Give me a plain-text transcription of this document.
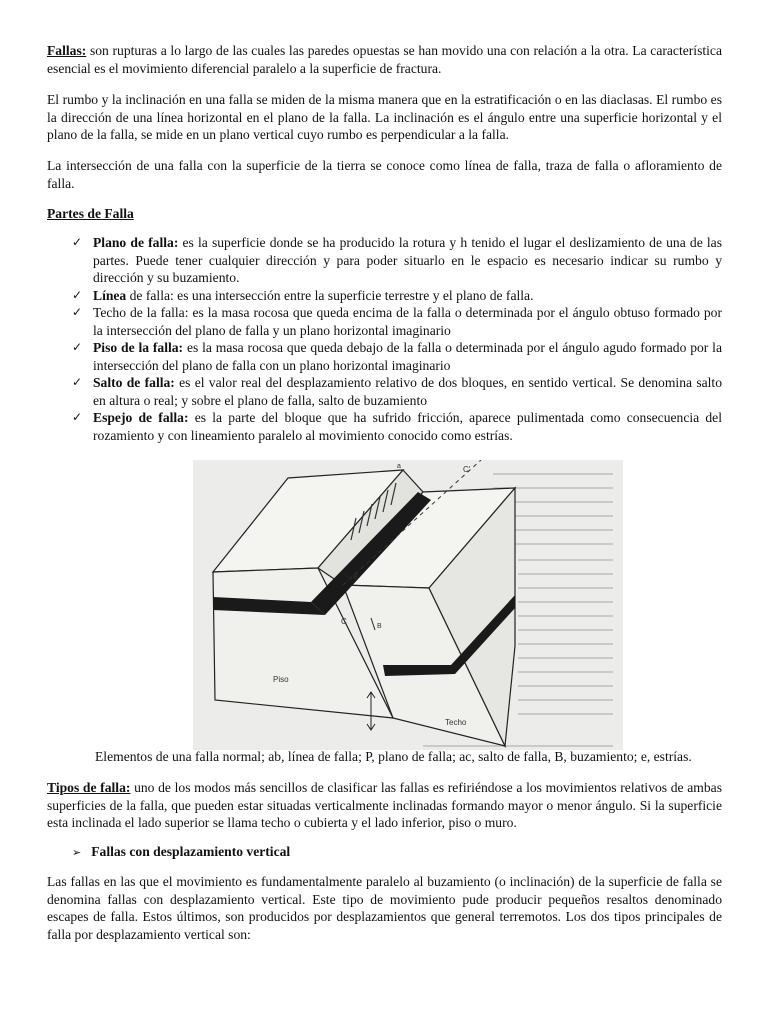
Fallas: son rupturas a lo largo de las cuales las paredes opuestas se han movido una con relación a la otra. La característica esencial es el movimiento diferencial paralelo a la superficie de fractura.

El rumbo y la inclinación en una falla se miden de la misma manera que en la estratificación o en las diaclasas. El rumbo es la dirección de una línea horizontal en el plano de la falla. La inclinación es el ángulo entre una superficie horizontal y el plano de la falla, se mide en un plano vertical cuyo rumbo es perpendicular a la falla.

La intersección de una falla con la superficie de la tierra se conoce como línea de falla, traza de falla o afloramiento de falla.

Partes de Falla

✓ Plano de falla: es la superficie donde se ha producido la rotura y h tenido el lugar el deslizamiento de una de las partes. Puede tener cualquier dirección y para poder situarlo en le espacio es necesario indicar su rumbo y dirección y su buzamiento.
✓ Línea de falla: es una intersección entre la superficie terrestre y el plano de falla.
✓ Techo de la falla: es la masa rocosa que queda encima de la falla o determinada por el ángulo obtuso formado por la intersección del plano de falla y un plano horizontal imaginario
✓ Piso de la falla: es la masa rocosa que queda debajo de la falla o determinada por el ángulo agudo formado por la intersección del plano de falla con un plano horizontal imaginario
✓ Salto de falla: es el valor real del desplazamiento relativo de dos bloques, en sentido vertical. Se denomina salto en altura o real; y sobre el plano de falla, salto de buzamiento
✓ Espejo de falla: es la parte del bloque que ha sufrido fricción, aparece pulimentada como consecuencia del rozamiento y con lineamiento paralelo al movimiento conocido como estrías.
a
C
B
B
C'
Piso
Techo

Elementos de una falla normal; ab, línea de falla; P, plano de falla; ac, salto de falla, B, buzamiento; e, estrías.

Tipos de falla: uno de los modos más sencillos de clasificar las fallas es refiriéndose a los movimientos relativos de ambas superficies de la falla, que pueden estar situadas verticalmente inclinadas formando mayor o menor ángulo. Si la superficie esta inclinada el lado superior se llama techo o cubierta y el lado inferior, piso o muro.

➢ Fallas con desplazamiento vertical

Las fallas en las que el movimiento es fundamentalmente paralelo al buzamiento (o inclinación) de la superficie de falla se denomina fallas con desplazamiento vertical. Este tipo de movimiento pude producir pequeños resaltos denominado escapes de falla. Estos últimos, son producidos por desplazamientos que general terremotos. Los dos tipos principales de falla por desplazamiento vertical son:
